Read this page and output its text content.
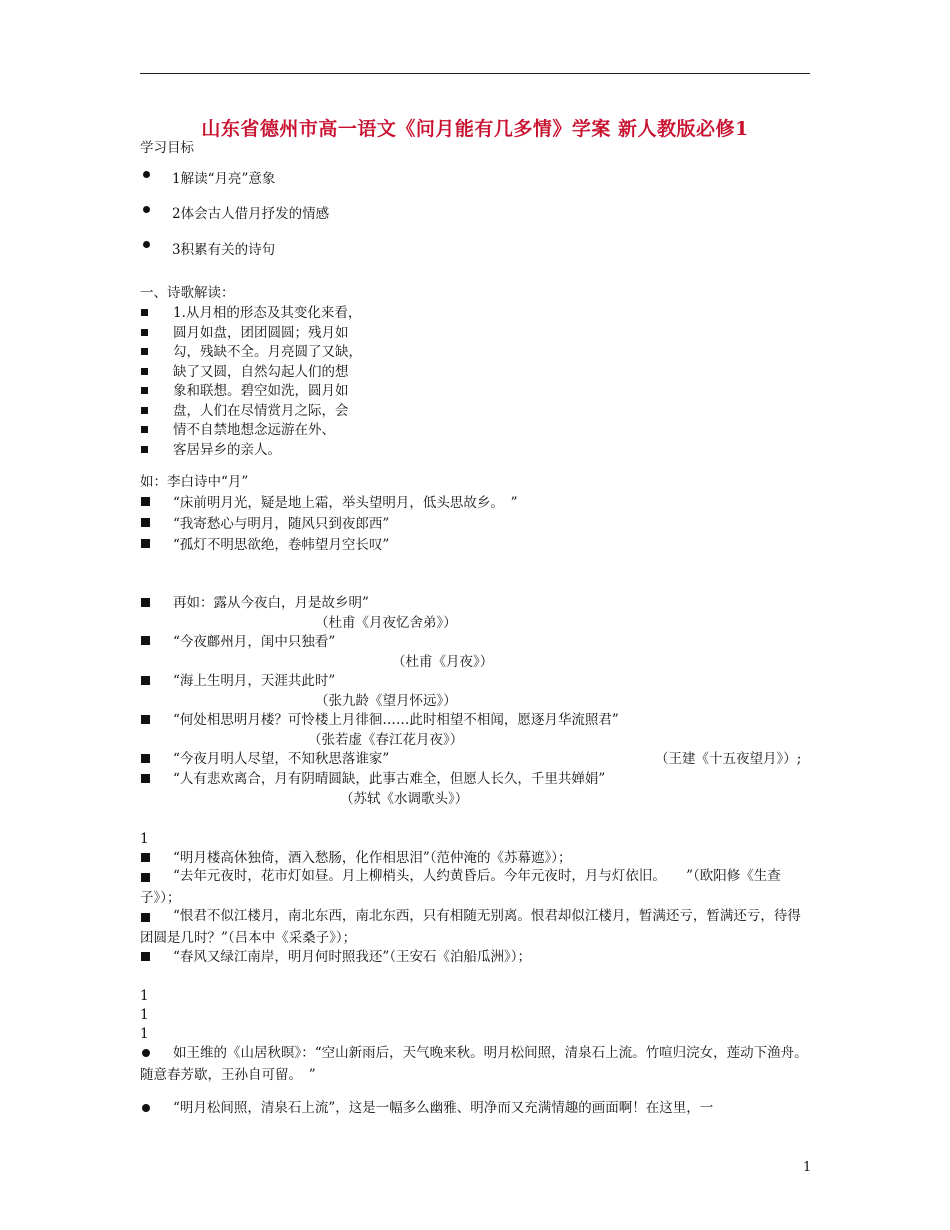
山东省德州市高一语文《问月能有几多情》学案 新人教版必修1
学习目标
1解读“月亮”意象
2体会古人借月抒发的情感
3积累有关的诗句
一、诗歌解读：
1.从月相的形态及其变化来看，
圆月如盘，团团圆圆；残月如
勾，残缺不全。月亮圆了又缺，
缺了又圆，自然勾起人们的想
象和联想。碧空如洗，圆月如
盘，人们在尽情赏月之际，会
情不自禁地想念远游在外、
客居异乡的亲人。
如：李白诗中“月”
“床前明月光，疑是地上霜，举头望明月，低头思故乡。　”
“我寄愁心与明月，随风只到夜郎西”
“孤灯不明思欲绝，卷帏望月空长叹”
再如：露从今夜白，月是故乡明”
（杜甫《月夜忆舍弟》）
“今夜鄜州月，闺中只独看”
（杜甫《月夜》）
“海上生明月，天涯共此时”
（张九龄《望月怀远》）
“何处相思明月楼？可怜楼上月徘徊……此时相望不相闻，愿逐月华流照君”
（张若虚《春江花月夜》）
“今夜月明人尽望，不知秋思落谁家”	（王建《十五夜望月》）;
“人有悲欢离合，月有阴晴圆缺，此事古难全，但愿人长久，千里共婵娟”
（苏轼《水调歌头》）
1
“明月楼高休独倚，酒入愁肠，化作相思泪”（范仲淹的《苏幕遮》）；
“去年元夜时，花市灯如昼。月上柳梢头，人约黄昏后。今年元夜时，月与灯依旧。　　”（欧阳修《生查子》）；
“恨君不似江楼月，南北东西，南北东西，只有相随无别离。恨君却似江楼月，暂满还亏，暂满还亏，待得团圆是几时？”（吕本中《采桑子》）；
“春风又绿江南岸，明月何时照我还”（王安石《泊船瓜洲》）；
1
1
1
如王维的《山居秋暝》：“空山新雨后，天气晚来秋。明月松间照，清泉石上流。竹喧归浣女，莲动下渔舟。随意春芳歇，王孙自可留。　”
“明月松间照，清泉石上流”，这是一幅多么幽雅、明净而又充满情趣的画面啊！在这里，一
1
